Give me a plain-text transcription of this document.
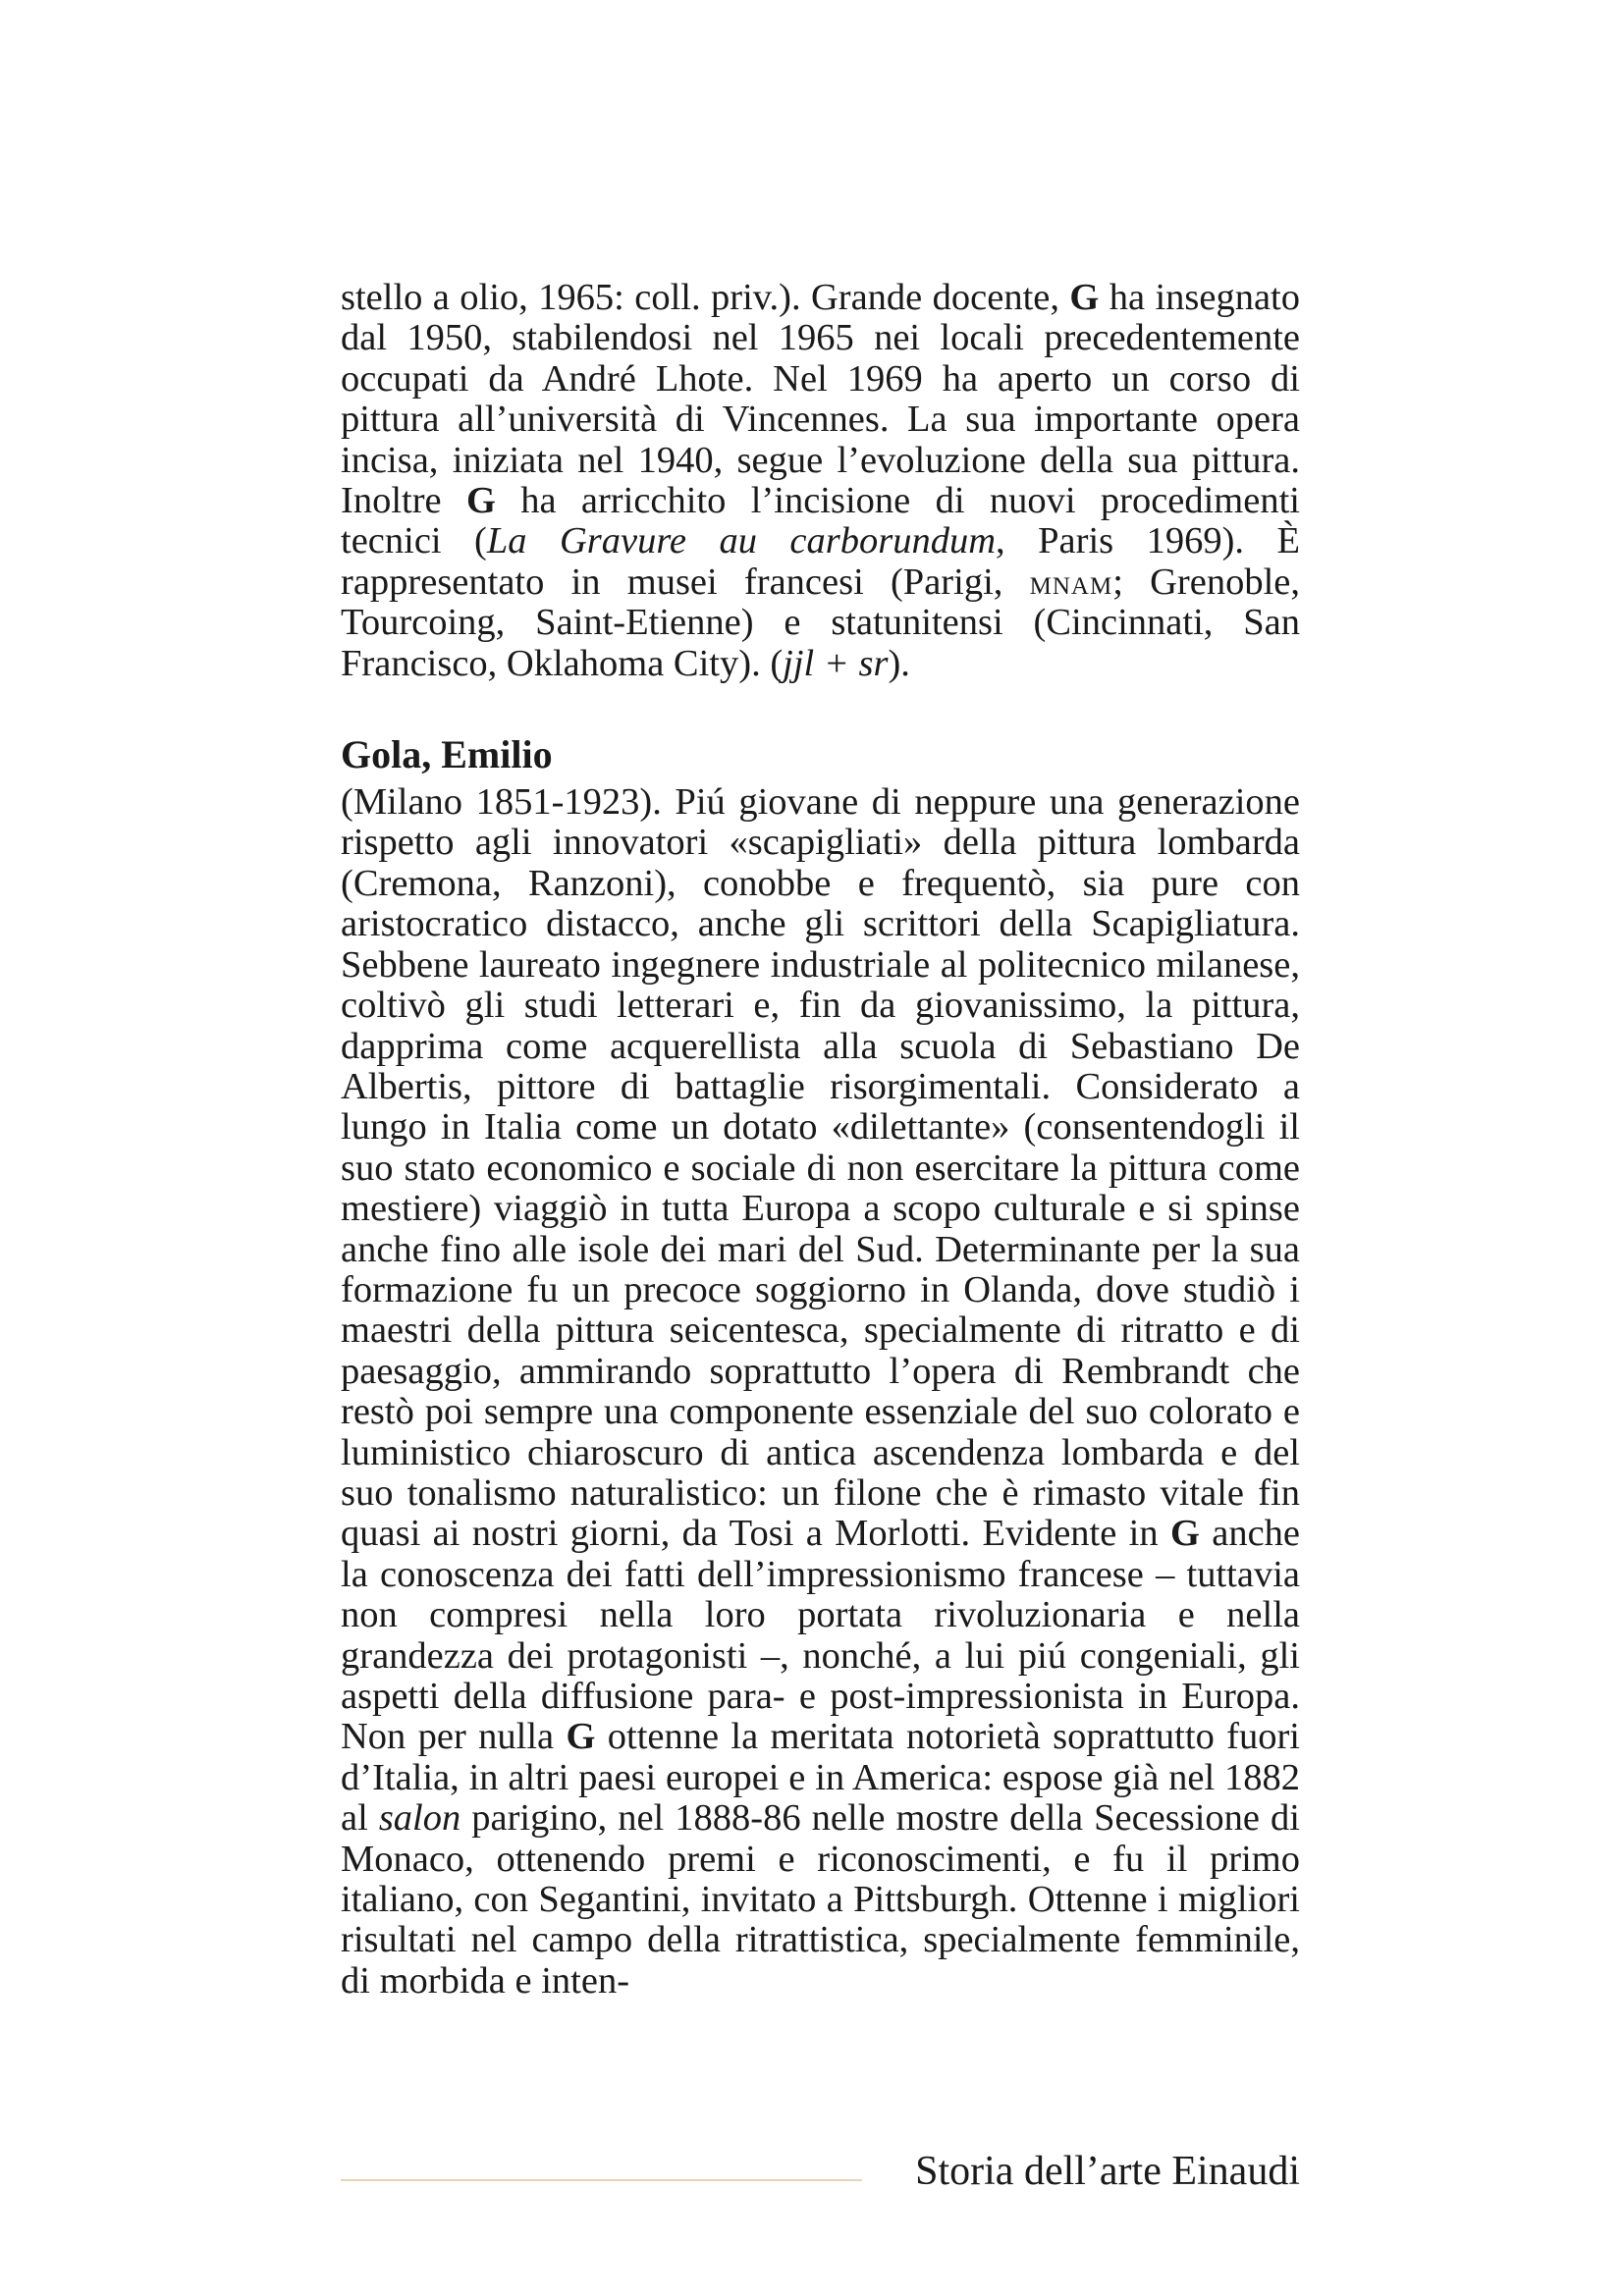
stello a olio, 1965: coll. priv.). Grande docente, G ha insegnato dal 1950, stabilendosi nel 1965 nei locali precedentemente occupati da André Lhote. Nel 1969 ha aperto un corso di pittura all’università di Vincennes. La sua importante opera incisa, iniziata nel 1940, segue l’evoluzione della sua pittura. Inoltre G ha arricchito l’incisione di nuovi procedimenti tecnici (La Gravure au carborundum, Paris 1969). È rappresentato in musei francesi (Parigi, mnam; Grenoble, Tourcoing, Saint-Etienne) e statunitensi (Cincinnati, San Francisco, Oklahoma City). (jjl + sr).

Gola, Emilio

(Milano 1851-1923). Piú giovane di neppure una generazione rispetto agli innovatori «scapigliati» della pittura lombarda (Cremona, Ranzoni), conobbe e frequentò, sia pure con aristocratico distacco, anche gli scrittori della Scapigliatura. Sebbene laureato ingegnere industriale al politecnico milanese, coltivò gli studi letterari e, fin da giovanissimo, la pittura, dapprima come acquerellista alla scuola di Sebastiano De Albertis, pittore di battaglie risorgimentali. Considerato a lungo in Italia come un dotato «dilettante» (consentendogli il suo stato economico e sociale di non esercitare la pittura come mestiere) viaggiò in tutta Europa a scopo culturale e si spinse anche fino alle isole dei mari del Sud. Determinante per la sua formazione fu un precoce soggiorno in Olanda, dove studiò i maestri della pittura seicentesca, specialmente di ritratto e di paesaggio, ammirando soprattutto l’opera di Rembrandt che restò poi sempre una componente essenziale del suo colorato e luministico chiaroscuro di antica ascendenza lombarda e del suo tonalismo naturalistico: un filone che è rimasto vitale fin quasi ai nostri giorni, da Tosi a Morlotti. Evidente in G anche la conoscenza dei fatti dell’impressionismo francese – tuttavia non compresi nella loro portata rivoluzionaria e nella grandezza dei protagonisti –, nonché, a lui piú congeniali, gli aspetti della diffusione para- e post-impressionista in Europa. Non per nulla G ottenne la meritata notorietà soprattutto fuori d’Italia, in altri paesi europei e in America: espose già nel 1882 al salon parigino, nel 1888-86 nelle mostre della Secessione di Monaco, ottenendo premi e riconoscimenti, e fu il primo italiano, con Segantini, invitato a Pittsburgh. Ottenne i migliori risultati nel campo della ritrattistica, specialmente femminile, di morbida e inten-

Storia dell’arte Einaudi
